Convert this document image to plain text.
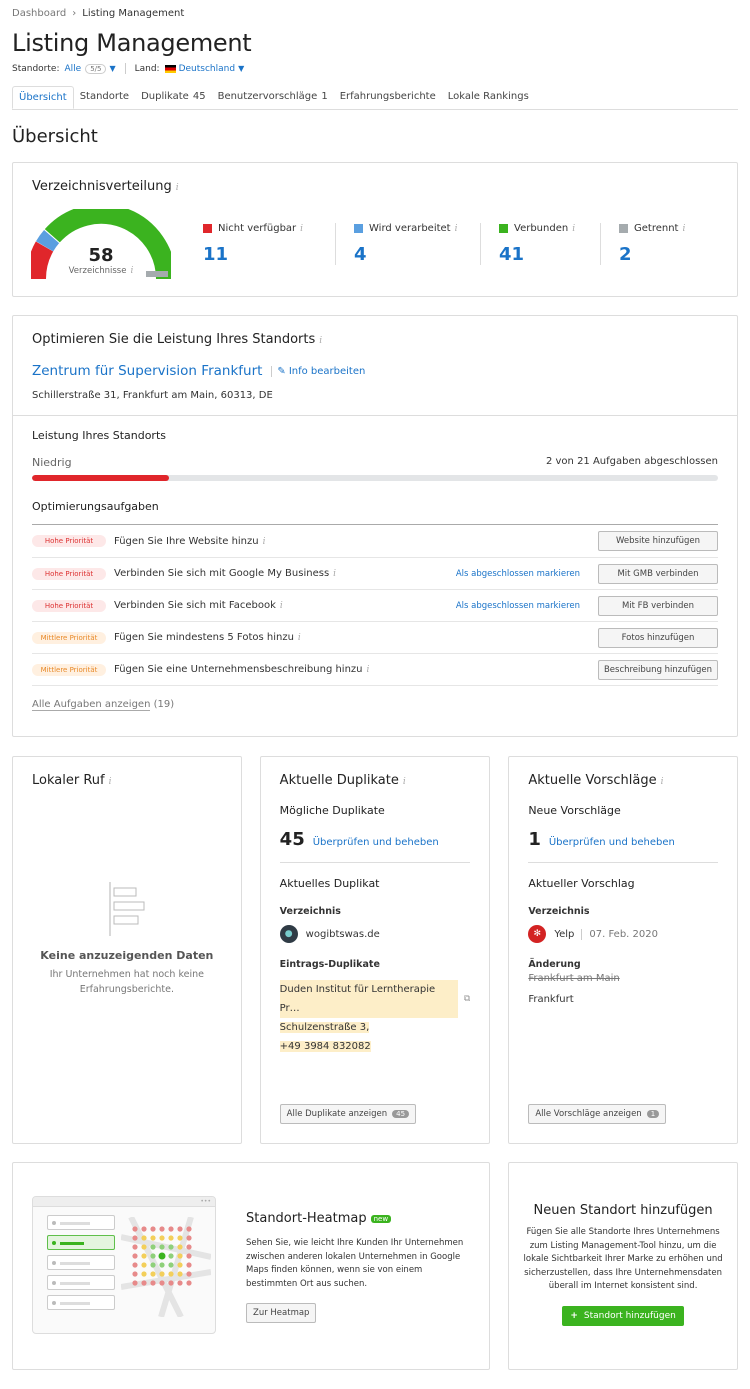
Dashboard › Listing Management
Listing Management
Standorte: Alle	5/5	▼ Land: Deutschland ▼
Übersicht	Standorte	Duplikate 45	Benutzervorschläge 1	Erfahrungsberichte	Lokale Rankings
Übersicht
Verzeichnisverteilung i
58
Verzeichnisse i
Nicht verfügbar i
11
Wird verarbeitet i
4
Verbunden i
41
Getrennt i
2
Optimieren Sie die Leistung Ihres Standorts i
Zentrum für Supervision Frankfurt ✎ Info bearbeiten
Schillerstraße 31, Frankfurt am Main, 60313, DE
Leistung Ihres Standorts
Niedrig	2 von 21 Aufgaben abgeschlossen
Optimierungsaufgaben
Hohe Priorität	Fügen Sie Ihre Website hinzu i	Website hinzufügen
Hohe Priorität	Verbinden Sie sich mit Google My Business i	Als abgeschlossen markieren	Mit GMB verbinden
Hohe Priorität	Verbinden Sie sich mit Facebook i	Als abgeschlossen markieren	Mit FB verbinden
Mittlere Priorität	Fügen Sie mindestens 5 Fotos hinzu i	Fotos hinzufügen
Mittlere Priorität	Fügen Sie eine Unternehmensbeschreibung hinzu i	Beschreibung hinzufügen
Alle Aufgaben anzeigen (19)
Lokaler Ruf i
Keine anzuzeigenden Daten
Ihr Unternehmen hat noch keine Erfahrungsberichte.
Aktuelle Duplikate i
Mögliche Duplikate
45 Überprüfen und beheben
Aktuelles Duplikat
Verzeichnis
●	wogibtswas.de
Eintrags-Duplikate
Duden Institut für Lerntherapie Pr…
⧉
Schulzenstraße 3,
+49 3984 832082
Alle Duplikate anzeigen	45
Aktuelle Vorschläge i
Neue Vorschläge
1 Überprüfen und beheben
Aktueller Vorschlag
Verzeichnis
✻	Yelp 07. Feb. 2020
Änderung
Frankfurt am Main
Frankfurt
Alle Vorschläge anzeigen	1
•••
Standort-Heatmap	new
Sehen Sie, wie leicht Ihre Kunden Ihr Unternehmen zwischen anderen lokalen Unternehmen in Google Maps finden können, wenn sie von einem bestimmten Ort aus suchen.
Zur Heatmap
Neuen Standort hinzufügen
Fügen Sie alle Standorte Ihres Unternehmens zum Listing Management-Tool hinzu, um die lokale Sichtbarkeit Ihrer Marke zu erhöhen und sicherzustellen, dass Ihre Unternehmensdaten überall im Internet konsistent sind.
+ Standort hinzufügen
